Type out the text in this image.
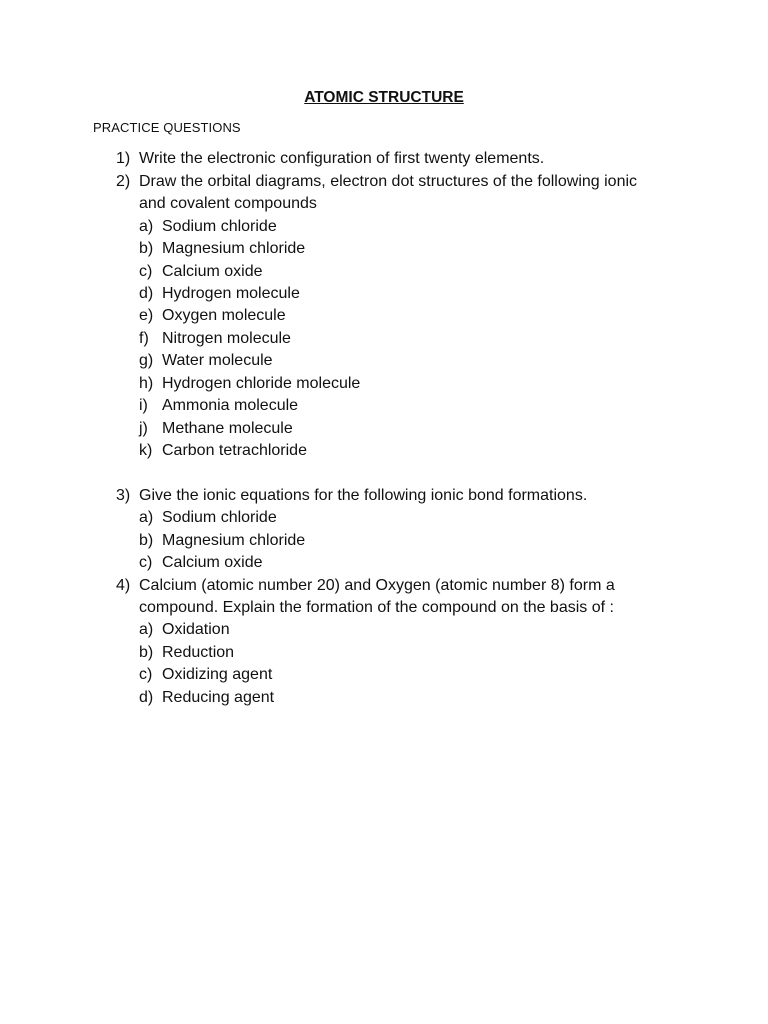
ATOMIC STRUCTURE
PRACTICE QUESTIONS
1) Write the electronic configuration of first twenty elements.
2) Draw the orbital diagrams, electron dot structures of the following ionic
and covalent compounds
a) Sodium chloride
b) Magnesium chloride
c) Calcium oxide
d) Hydrogen molecule
e) Oxygen molecule
f) Nitrogen molecule
g) Water molecule
h) Hydrogen chloride molecule
i) Ammonia molecule
j) Methane molecule
k) Carbon tetrachloride
3) Give the ionic equations for the following ionic bond formations.
a) Sodium chloride
b) Magnesium chloride
c) Calcium oxide
4) Calcium (atomic number 20) and Oxygen (atomic number 8) form a
compound. Explain the formation of the compound on the basis of :
a) Oxidation
b) Reduction
c) Oxidizing agent
d) Reducing agent
